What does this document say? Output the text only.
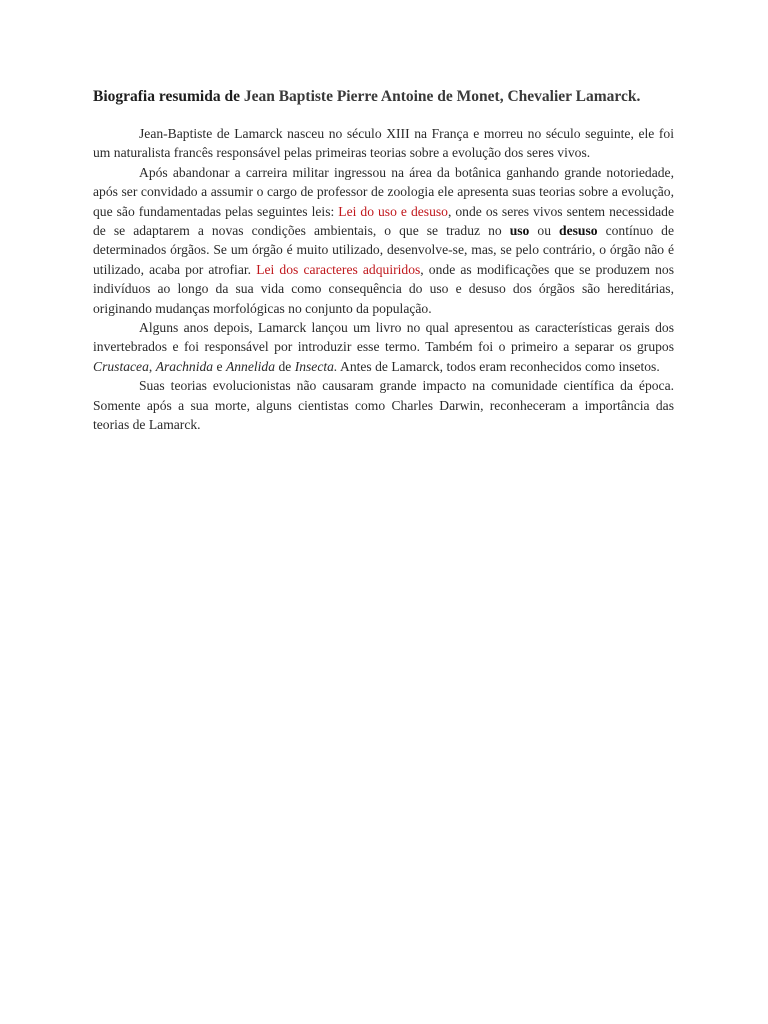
Biografia resumida de Jean Baptiste Pierre Antoine de Monet, Chevalier Lamarck.

Jean-Baptiste de Lamarck nasceu no século XIII na França e morreu no século seguinte, ele foi um naturalista francês responsável pelas primeiras teorias sobre a evolução dos seres vivos.

Após abandonar a carreira militar ingressou na área da botânica ganhando grande notoriedade, após ser convidado a assumir o cargo de professor de zoologia ele apresenta suas teorias sobre a evolução, que são fundamentadas pelas seguintes leis: Lei do uso e desuso, onde os seres vivos sentem necessidade de se adaptarem a novas condições ambientais, o que se traduz no uso ou desuso contínuo de determinados órgãos. Se um órgão é muito utilizado, desenvolve-se, mas, se pelo contrário, o órgão não é utilizado, acaba por atrofiar. Lei dos caracteres adquiridos, onde as modificações que se produzem nos indivíduos ao longo da sua vida como consequência do uso e desuso dos órgãos são hereditárias, originando mudanças morfológicas no conjunto da população.

Alguns anos depois, Lamarck lançou um livro no qual apresentou as características gerais dos invertebrados e foi responsável por introduzir esse termo. Também foi o primeiro a separar os grupos Crustacea, Arachnida e Annelida de Insecta. Antes de Lamarck, todos eram reconhecidos como insetos.

Suas teorias evolucionistas não causaram grande impacto na comunidade científica da época. Somente após a sua morte, alguns cientistas como Charles Darwin, reconheceram a importância das teorias de Lamarck.
